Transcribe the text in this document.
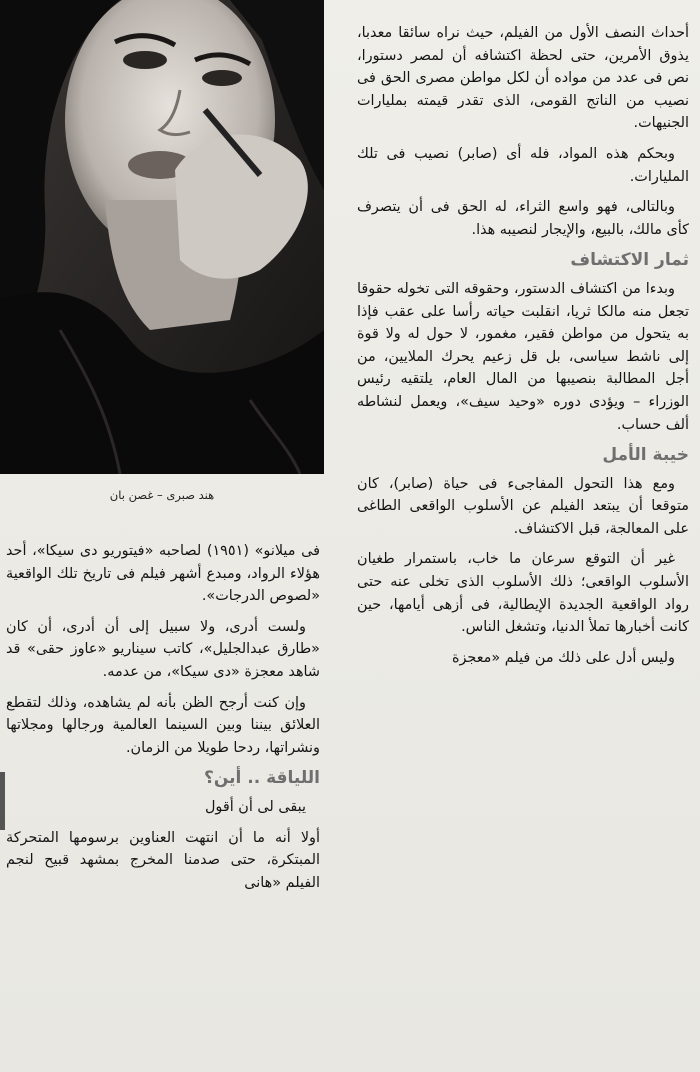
هند صبرى – غصن بان

أحداث النصف الأول من الفيلم، حيث نراه سائقا معدبا، يذوق الأمرين، حتى لحظة اكتشافه أن لمصر دستورا، نص فى عدد من مواده أن لكل مواطن مصرى الحق فى نصيب من الناتج القومى، الذى تقدر قيمته بمليارات الجنيهات.

وبحكم هذه المواد، فله أى (صابر) نصيب فى تلك المليارات.

وبالتالى، فهو واسع الثراء، له الحق فى أن يتصرف كأى مالك، بالبيع، والإيجار لنصيبه هذا.

ثمار الاكتشاف

وبدءا من اكتشاف الدستور، وحقوقه التى تخوله حقوقا تجعل منه مالكا ثريا، انقلبت حياته رأسا على عقب فإذا به يتحول من مواطن فقير، مغمور، لا حول له ولا قوة إلى ناشط سياسى، بل قل زعيم يحرك الملايين، من أجل المطالبة بنصيبها من المال العام، يلتقيه رئيس الوزراء – ويؤدى دوره «وحيد سيف»، ويعمل لنشاطه ألف حساب.

خيبة الأمل

ومع هذا التحول المفاجىء فى حياة (صابر)، كان متوقعا أن يبتعد الفيلم عن الأسلوب الواقعى الطاغى على المعالجة، قبل الاكتشاف.

غير أن التوقع سرعان ما خاب، باستمرار طغيان الأسلوب الواقعى؛ ذلك الأسلوب الذى تخلى عنه حتى رواد الواقعية الجديدة الإيطالية، فى أزهى أيامها، حين كانت أخبارها تملأ الدنيا، وتشغل الناس.

وليس أدل على ذلك من فيلم «معجزة

فى ميلانو» (١٩٥١) لصاحبه «فيتوريو دى سيكا»، أحد هؤلاء الرواد، ومبدع أشهر فيلم فى تاريخ تلك الواقعية «لصوص الدرجات».

ولست أدرى، ولا سبيل إلى أن أدرى، أن كان «طارق عبدالجليل»، كاتب سيناريو «عاوز حقى» قد شاهد معجزة «دى سيكا»، من عدمه.

وإن كنت أرجح الظن بأنه لم يشاهده، وذلك لتقطع العلائق بيننا وبين السينما العالمية ورجالها ومجلاتها ونشراتها، ردحا طويلا من الزمان.

اللياقة .. أين؟

يبقى لى أن أقول

أولا أنه ما أن انتهت العناوين برسومها المتحركة المبتكرة، حتى صدمنا المخرج بمشهد قبيح لنجم الفيلم «هانى
